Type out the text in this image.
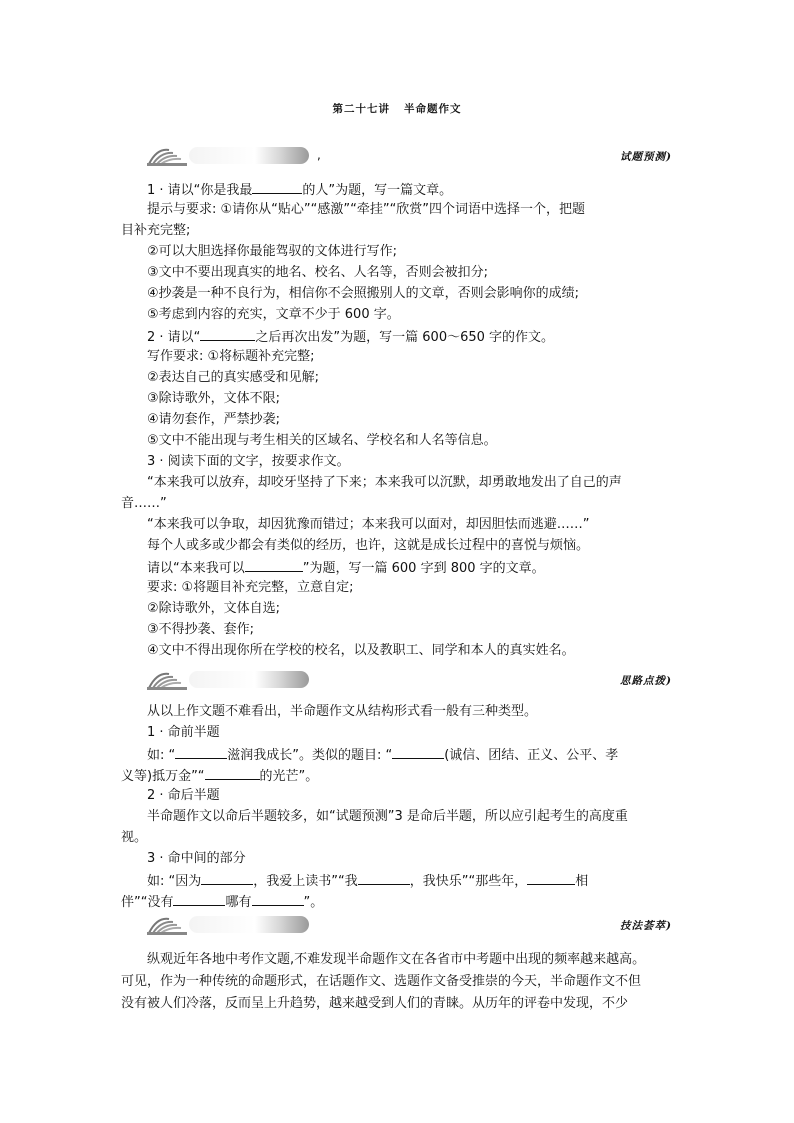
第二十七讲 半命题作文
,	试题预测)
1 · 请以“你是我最	的人”为题，写一篇文章。
提示与要求: ①请你从“贴心”“感激”“牵挂”“欣赏”四个词语中选择一个，把题
目补充完整;
②可以大胆选择你最能驾驭的文体进行写作;
③文中不要出现真实的地名、校名、人名等，否则会被扣分;
④抄袭是一种不良行为，相信你不会照搬别人的文章，否则会影响你的成绩;
⑤考虑到内容的充实，文章不少于 600 字。
2 · 请以“	之后再次出发”为题，写一篇 600～650 字的作文。
写作要求: ①将标题补充完整;
②表达自己的真实感受和见解;
③除诗歌外，文体不限;
④请勿套作，严禁抄袭;
⑤文中不能出现与考生相关的区域名、学校名和人名等信息。
3 · 阅读下面的文字，按要求作文。
“本来我可以放弃，却咬牙坚持了下来；本来我可以沉默，却勇敢地发出了自己的声
音……”
“本来我可以争取，却因犹豫而错过；本来我可以面对，却因胆怯而逃避……”
每个人或多或少都会有类似的经历，也许，这就是成长过程中的喜悦与烦恼。
请以“本来我可以	”为题，写一篇 600 字到 800 字的文章。
要求: ①将题目补充完整，立意自定;
②除诗歌外，文体自选;
③不得抄袭、套作;
④文中不得出现你所在学校的校名，以及教职工、同学和本人的真实姓名。
思路点拨)
从以上作文题不难看出，半命题作文从结构形式看一般有三种类型。
1 · 命前半题
如: “	滋润我成长”。类似的题目: “	(诚信、团结、正义、公平、孝
义等)抵万金”“	的光芒”。
2 · 命后半题
半命题作文以命后半题较多，如“试题预测”3 是命后半题，所以应引起考生的高度重
视。
3 · 命中间的部分
如: “因为	，我爱上读书”“我	，我快乐”“那些年，	相
伴”“没有	哪有	”。
技法荟萃)
纵观近年各地中考作文题,不难发现半命题作文在各省市中考题中出现的频率越来越高。
可见，作为一种传统的命题形式，在话题作文、选题作文备受推崇的今天，半命题作文不但
没有被人们冷落，反而呈上升趋势，越来越受到人们的青睐。从历年的评卷中发现，不少
